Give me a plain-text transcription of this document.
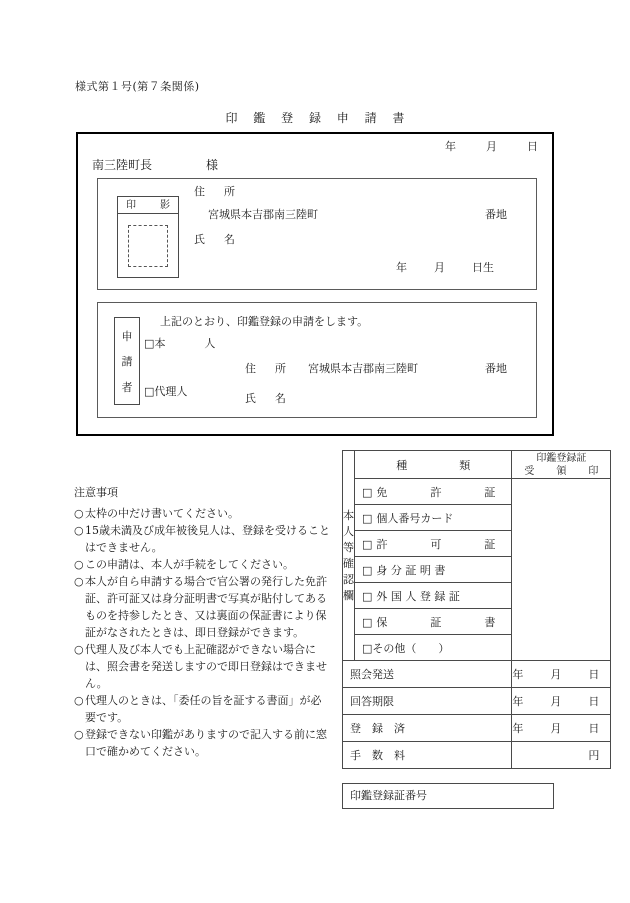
様式第１号(第７条関係)
印 鑑 登 録 申 請 書
年	月	日
南三陸町長	様
印　影
住　所
宮城県本吉郡南三陸町	番地
氏　名
年 月 日生
申
請
者
上記のとおり、印鑑登録の申請をします。
□本　人
□代理人
住　所 宮城県本吉郡南三陸町	番地
氏　名
注意事項
○太枠の中だけ書いてください。
○15歳未満及び成年被後見人は、登録を受けることはできません。
○この申請は、本人が手続をしてください。
○本人が自ら申請する場合で官公署の発行した免許証、許可証又は身分証明書で写真が貼付してあるものを持参したとき、又は裏面の保証書により保証がなされたときは、即日登録ができます。
○代理人及び本人でも上記確認ができない場合には、照会書を発送しますので即日登録はできません。
○代理人のときは、「委任の旨を証する書面」が必要です。
○登録できない印鑑がありますので記入する前に窓口で確かめてください。
本
人
等
確
認
欄
	種　　類	
印鑑登録証
受　領　印

	□ 免　許　証	
	□ 個人番号カード	
	□ 許　可　証	
	□ 身 分 証 明 書	
	□ 外 国 人 登 録 証	
	□ 保　証　書	
	□その他（　　）	
照会発送		年 月 日
回答期限		年 月 日
登　録　済		年 月 日
手　数　料		円
印鑑登録証番号
